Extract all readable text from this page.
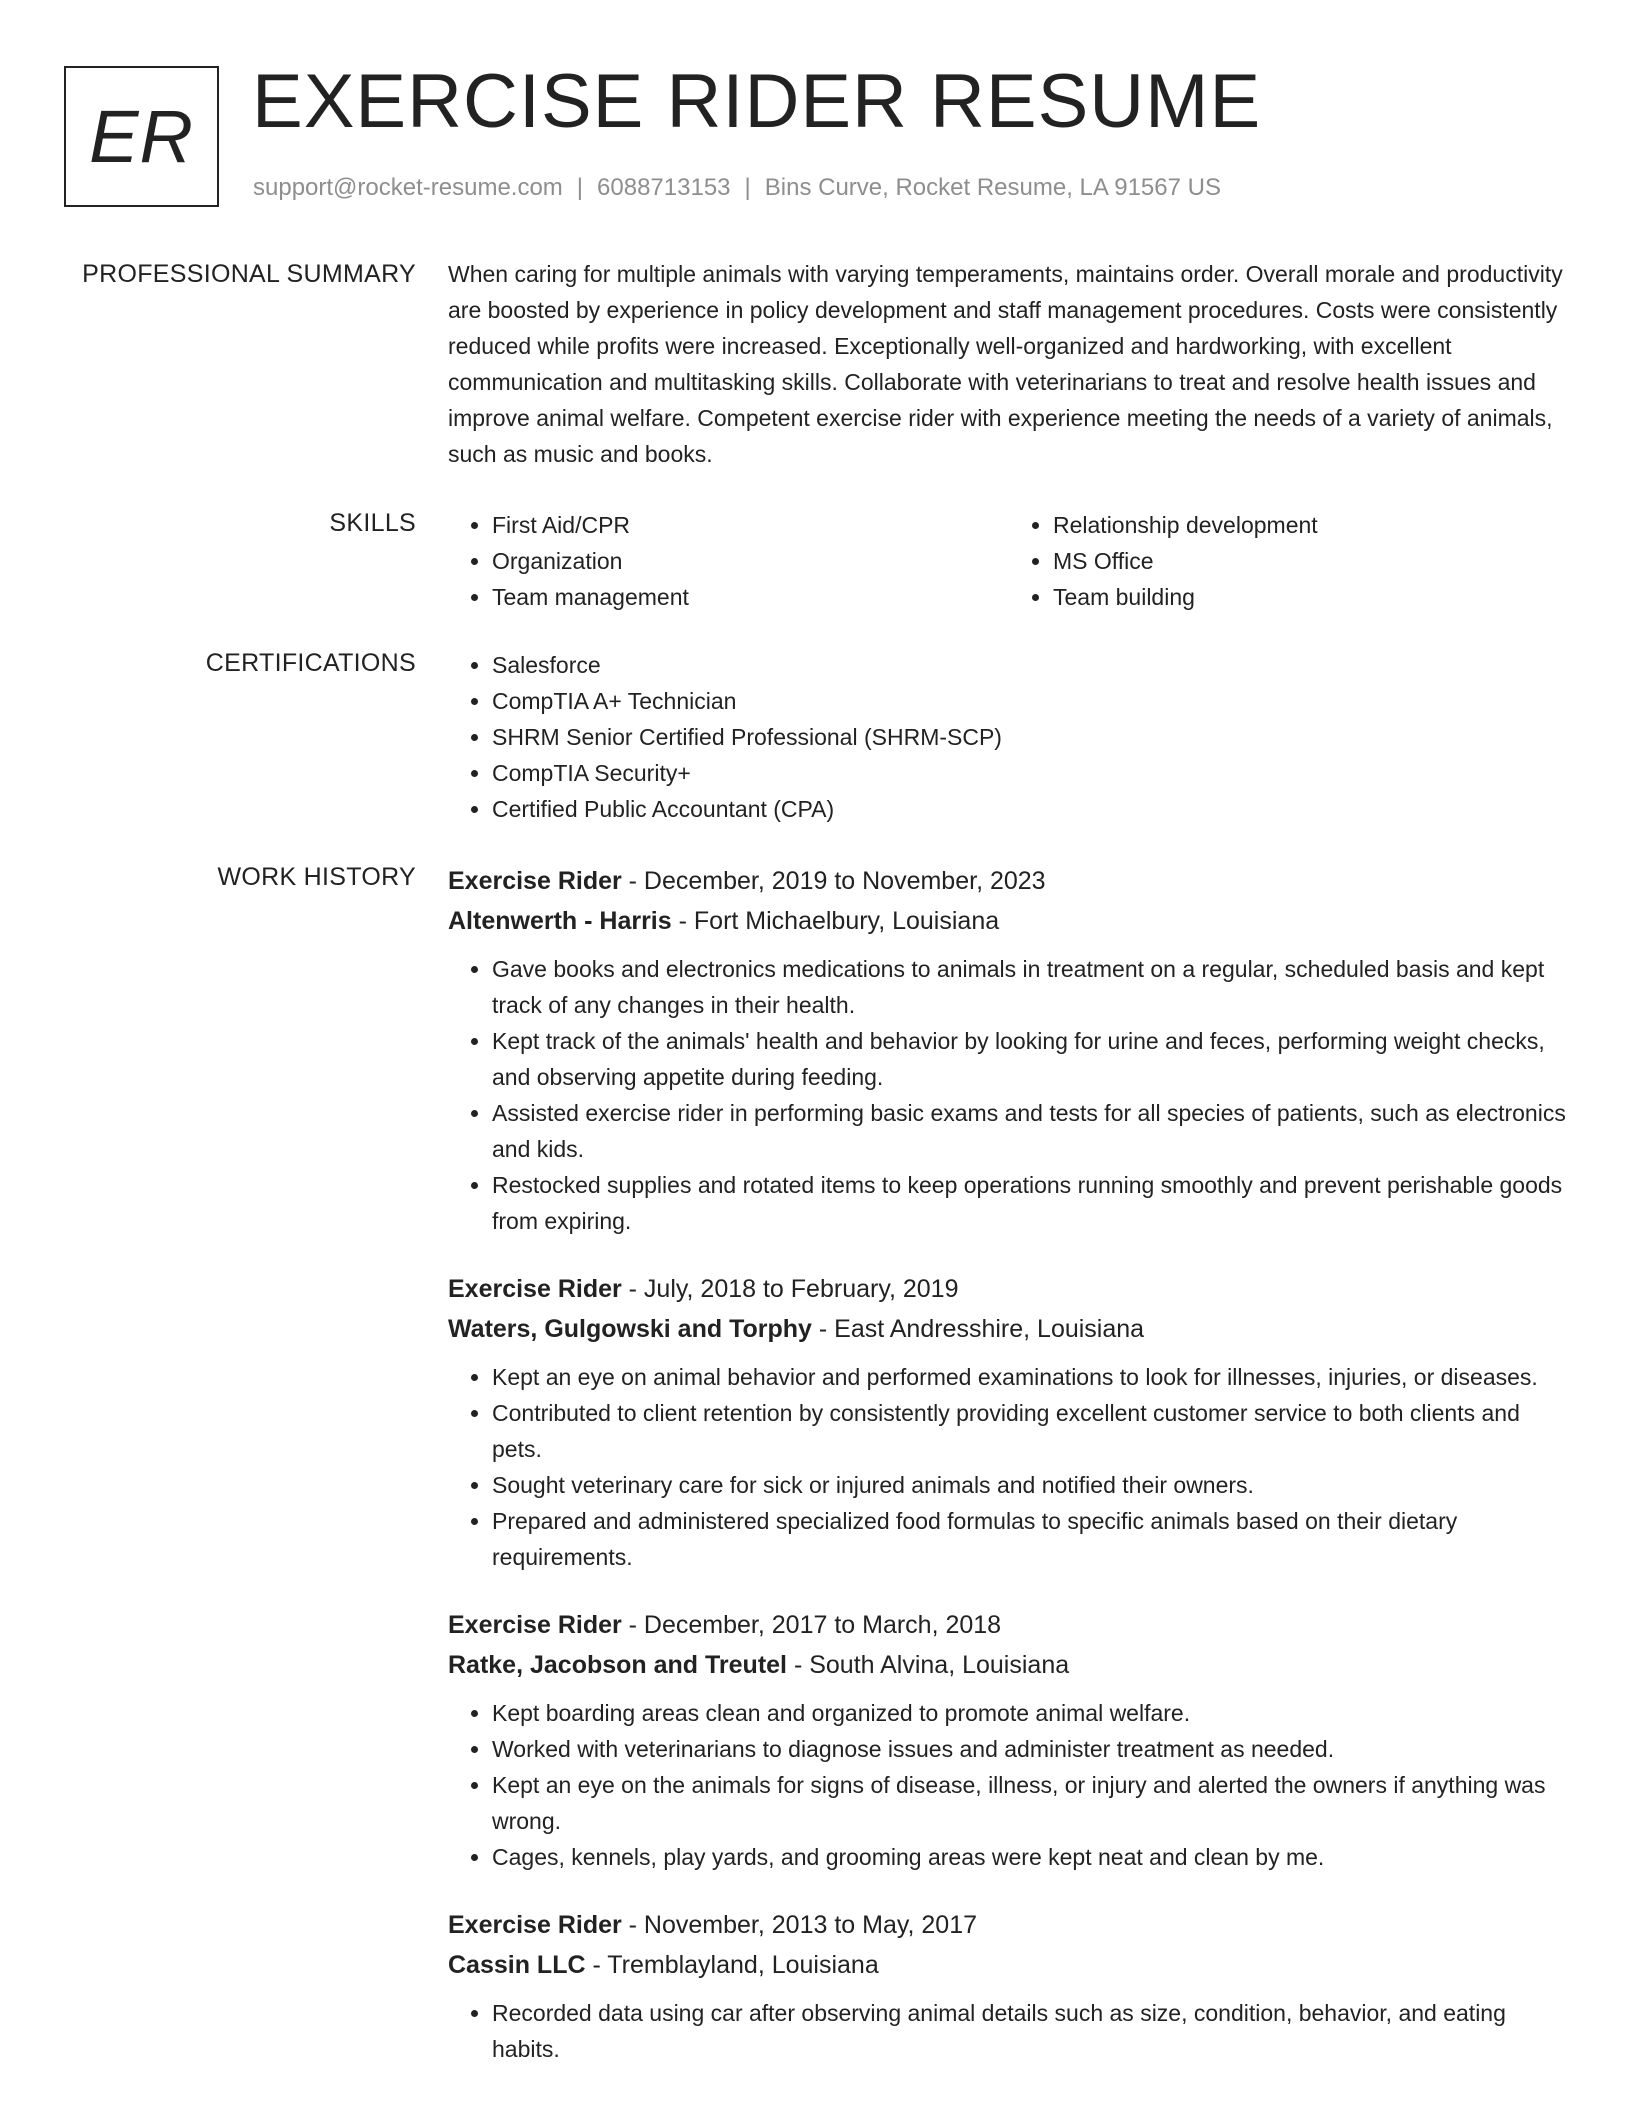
ER EXERCISE RIDER RESUME
support@rocket-resume.com | 6088713153 | Bins Curve, Rocket Resume, LA 91567 US
PROFESSIONAL SUMMARY When caring for multiple animals with varying temperaments, maintains order. Overall morale and productivity are boosted by experience in policy development and staff management procedures. Costs were consistently reduced while profits were increased. Exceptionally well-organized and hardworking, with excellent communication and multitasking skills. Collaborate with veterinarians to treat and resolve health issues and improve animal welfare. Competent exercise rider with experience meeting the needs of a variety of animals, such as music and books.

SKILLS	• First Aid/CPR
• Organization
• Team management
• Relationship development
• MS Office
• Team building
CERTIFICATIONS	• Salesforce
• CompTIA A+ Technician
• SHRM Senior Certified Professional (SHRM-SCP)
• CompTIA Security+
• Certified Public Accountant (CPA)
WORK HISTORY Exercise Rider - December, 2019 to November, 2023
Altenwerth - Harris - Fort Michaelbury, Louisiana
• Gave books and electronics medications to animals in treatment on a regular, scheduled basis and kept track of any changes in their health.
• Kept track of the animals' health and behavior by looking for urine and feces, performing weight checks, and observing appetite during feeding.
• Assisted exercise rider in performing basic exams and tests for all species of patients, such as electronics and kids.
• Restocked supplies and rotated items to keep operations running smoothly and prevent perishable goods from expiring.
Exercise Rider - July, 2018 to February, 2019
Waters, Gulgowski and Torphy - East Andresshire, Louisiana
• Kept an eye on animal behavior and performed examinations to look for illnesses, injuries, or diseases.
• Contributed to client retention by consistently providing excellent customer service to both clients and pets.
• Sought veterinary care for sick or injured animals and notified their owners.
• Prepared and administered specialized food formulas to specific animals based on their dietary requirements.
Exercise Rider - December, 2017 to March, 2018
Ratke, Jacobson and Treutel - South Alvina, Louisiana
• Kept boarding areas clean and organized to promote animal welfare.
• Worked with veterinarians to diagnose issues and administer treatment as needed.
• Kept an eye on the animals for signs of disease, illness, or injury and alerted the owners if anything was wrong.
• Cages, kennels, play yards, and grooming areas were kept neat and clean by me.
Exercise Rider - November, 2013 to May, 2017
Cassin LLC - Tremblayland, Louisiana
• Recorded data using car after observing animal details such as size, condition, behavior, and eating habits.
